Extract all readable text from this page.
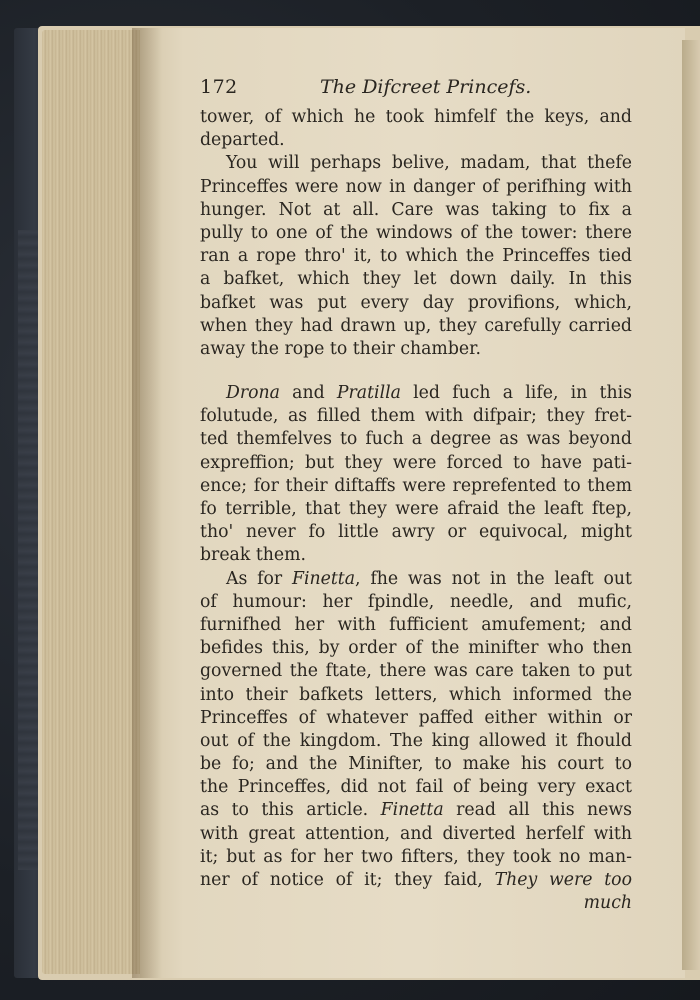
172	The Difcreet Princefs.
tower, of which he took himfelf the keys, and
departed.
You will perhaps belive, madam, that thefe
Princeffes were now in danger of perifhing with
hunger. Not at all. Care was taking to fix a
pully to one of the windows of the tower: there
ran a rope thro' it, to which the Princeffes tied
a bafket, which they let down daily. In this
bafket was put every day provifions, which,
when they had drawn up, they carefully carried
away the rope to their chamber.
Drona and Pratilla led fuch a life, in this
folutude, as filled them with difpair; they fret-
ted themfelves to fuch a degree as was beyond
expreffion; but they were forced to have pati-
ence; for their diftaffs were reprefented to them
fo terrible, that they were afraid the leaft ftep,
tho' never fo little awry or equivocal, might
break them.
As for Finetta, fhe was not in the leaft out
of humour: her fpindle, needle, and mufic,
furnifhed her with fufficient amufement; and
befides this, by order of the minifter who then
governed the ftate, there was care taken to put
into their bafkets letters, which informed the
Princeffes of whatever paffed either within or
out of the kingdom. The king allowed it fhould
be fo; and the Minifter, to make his court to
the Princeffes, did not fail of being very exact
as to this article. Finetta read all this news
with great attention, and diverted herfelf with
it; but as for her two fifters, they took no man-
ner of notice of it; they faid, They were too
much
